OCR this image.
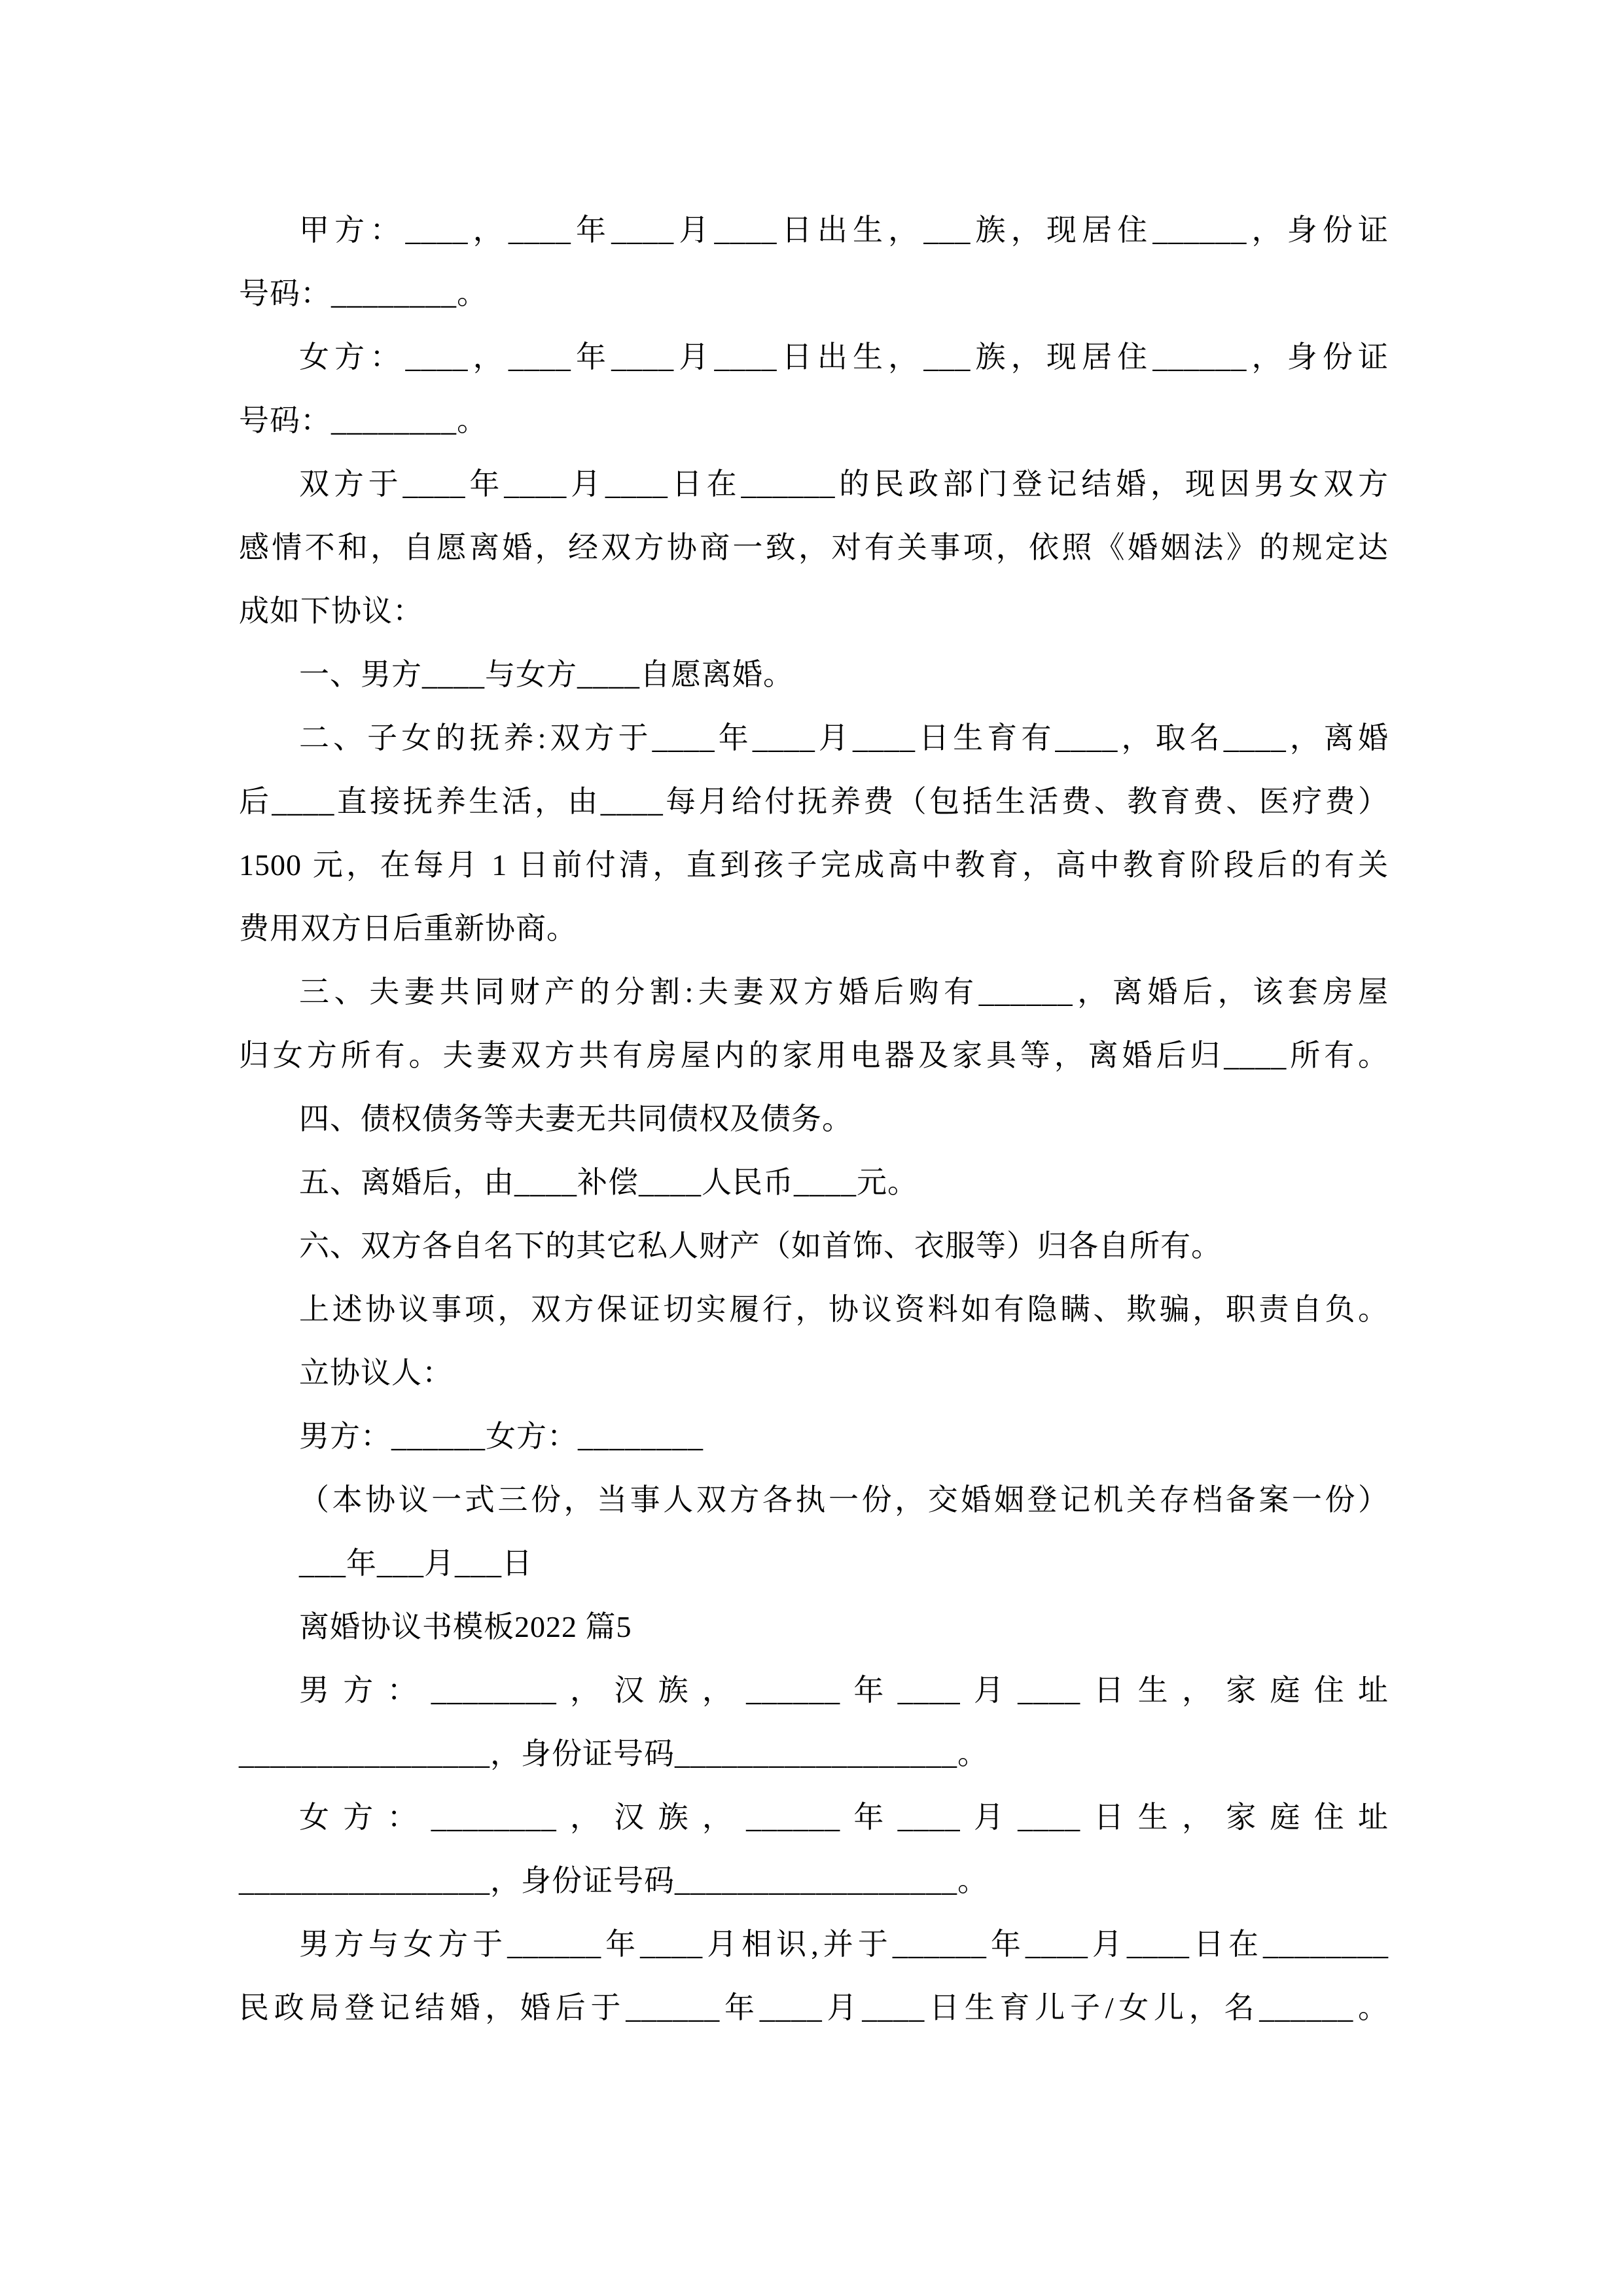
甲方：____，____年____月____日出生，___族，现居住______，身份证
号码：________。
女方：____，____年____月____日出生，___族，现居住______，身份证
号码：________。
双方于____年____月____日在______的民政部门登记结婚，现因男女双方
感情不和，自愿离婚，经双方协商一致，对有关事项，依照《婚姻法》的规定达
成如下协议：
一、男方____与女方____自愿离婚。
二、子女的抚养:双方于____年____月____日生育有____，取名____，离婚
后____直接抚养生活，由____每月给付抚养费（包括生活费、教育费、医疗费）
1500 元，在每月 1 日前付清，直到孩子完成高中教育，高中教育阶段后的有关
费用双方日后重新协商。
三、夫妻共同财产的分割:夫妻双方婚后购有______，离婚后，该套房屋
归女方所有。夫妻双方共有房屋内的家用电器及家具等，离婚后归____所有。
四、债权债务等夫妻无共同债权及债务。
五、离婚后，由____补偿____人民币____元。
六、双方各自名下的其它私人财产（如首饰、衣服等）归各自所有。
上述协议事项，双方保证切实履行，协议资料如有隐瞒、欺骗，职责自负。
立协议人：
男方：______女方：________
（本协议一式三份，当事人双方各执一份，交婚姻登记机关存档备案一份）
___年___月___日
离婚协议书模板2022 篇5
男方：________，汉族，______年____月____日生，家庭住址
________________，身份证号码__________________。
女方：________，汉族，______年____月____日生，家庭住址
________________，身份证号码__________________。
男方与女方于______年____月相识,并于______年____月____日在________
民政局登记结婚，婚后于______年____月____日生育儿子/女儿，名______。
